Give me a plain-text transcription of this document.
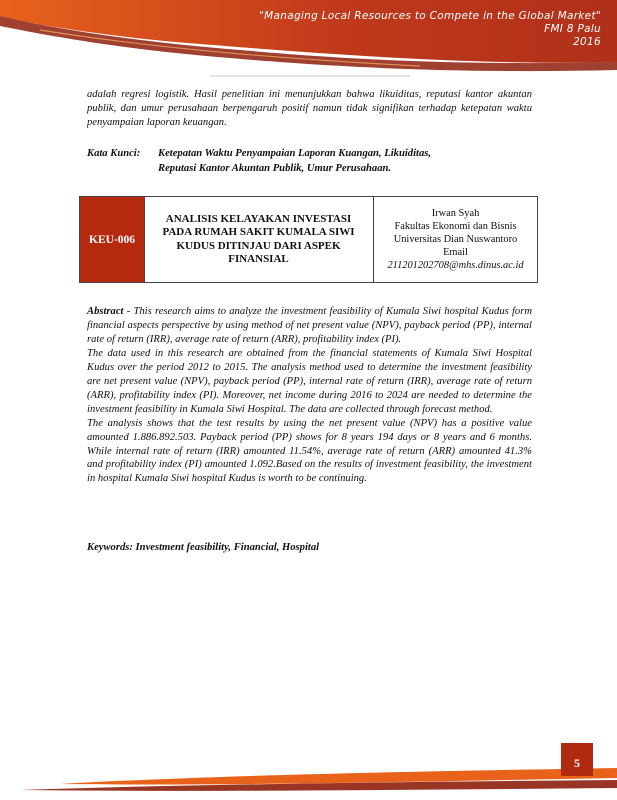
"Managing Local Resources to Compete in the Global Market"
FMI 8 Palu
2016
adalah regresi logistik. Hasil penelitian ini menunjukkan bahwa likuiditas, reputasi kantor akuntan publik, dan umur perusahaan berpengaruh positif namun tidak signifikan terhadap ketepatan waktu penyampaian laporan keuangan.
Kata Kunci:	Ketepatan Waktu Penyampaian Laporan Kuangan, Likuiditas,
Reputasi Kantor Akuntan Publik, Umur Perusahaan.
KEU-006
ANALISIS KELAYAKAN INVESTASI PADA RUMAH SAKIT KUMALA SIWI KUDUS DITINJAU DARI ASPEK FINANSIAL
Irwan Syah
Fakultas Ekonomi dan Bisnis
Universitas Dian Nuswantoro
Email
211201202708@mhs.dinus.ac.id

Abstract - This research aims to analyze the investment feasibility of Kumala Siwi hospital Kudus form financial aspects perspective by using method of net present value (NPV), payback period (PP), internal rate of return (IRR), average rate of return (ARR), profitability index (PI).

The data used in this research are obtained from the financial statements of Kumala Siwi Hospital Kudus over the period 2012 to 2015. The analysis method used to determine the investment feasibility are net present value (NPV), payback period (PP), internal rate of return (IRR), average rate of return (ARR), profitability index (PI). Moreover, net income during 2016 to 2024 are needed to determine the investment feasibility in Kumala Siwi Hospital. The data are collected through forecast method.

The analysis shows that the test results by using the net present value (NPV) has a positive value amounted 1.886.892.503. Payback period (PP) shows for 8 years 194 days or 8 years and 6 months. While internal rate of return (IRR) amounted 11.54%, average rate of return (ARR) amounted 41.3% and profitability index (PI) amounted 1.092.Based on the results of investment feasibility, the investment in hospital Kumala Siwi hospital Kudus is worth to be continuing.

Keywords: Investment feasibility, Financial, Hospital
5
